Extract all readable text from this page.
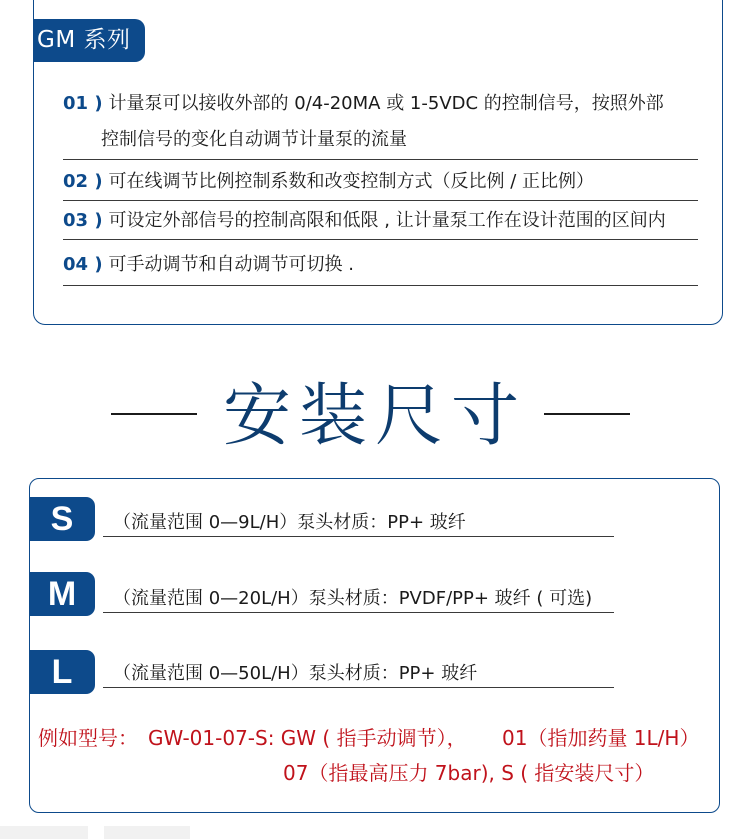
GM 系列
01 ) 计量泵可以接收外部的 0/4-20MA 或 1-5VDC 的控制信号，按照外部
控制信号的变化自动调节计量泵的流量
02 ) 可在线调节比例控制系数和改变控制方式（反比例 / 正比例）
03 ) 可设定外部信号的控制高限和低限 , 让计量泵工作在设计范围的区间内
04 ) 可手动调节和自动调节可切换 .
安装尺寸
S	（流量范围 0—9L/H）泵头材质：PP+ 玻纤
M	（流量范围 0—20L/H）泵头材质：PVDF/PP+ 玻纤 ( 可选)
L	（流量范围 0—50L/H）泵头材质：PP+ 玻纤
例如型号： GW-01-07-S: GW ( 指手动调节）， 01（指加药量 1L/H）
07（指最高压力 7bar), S ( 指安装尺寸）
